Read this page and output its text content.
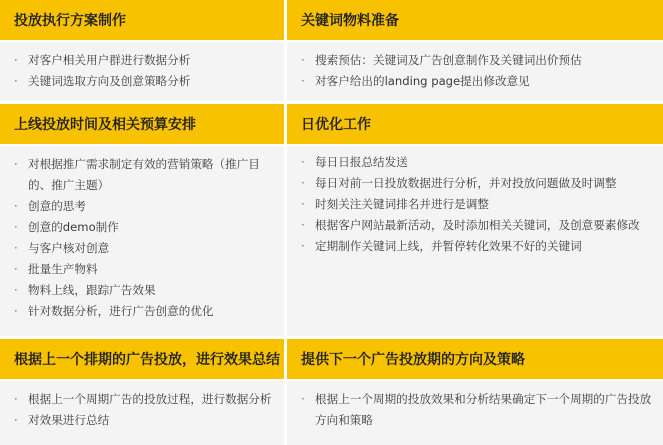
投放执行方案制作
· 对客户相关用户群进行数据分析
· 关键词选取方向及创意策略分析
关键词物料准备
· 搜索预估：关键词及广告创意制作及关键词出价预估
· 对客户给出的landing page提出修改意见
上线投放时间及相关预算安排
· 对根据推广需求制定有效的营销策略（推广目的、推广主题）
· 创意的思考
· 创意的demo制作
· 与客户核对创意
· 批量生产物料
· 物料上线，跟踪广告效果
· 针对数据分析，进行广告创意的优化
日优化工作
· 每日日报总结发送
· 每日对前一日投放数据进行分析，并对投放问题做及时调整
· 时刻关注关键词排名并进行是调整
· 根据客户网站最新活动，及时添加相关关键词，及创意要素修改
· 定期制作关键词上线，并暂停转化效果不好的关键词
根据上一个排期的广告投放，进行效果总结
· 根据上一个周期广告的投放过程，进行数据分析
· 对效果进行总结
提供下一个广告投放期的方向及策略
· 根据上一个周期的投放效果和分析结果确定下一个周期的广告投放方向和策略
